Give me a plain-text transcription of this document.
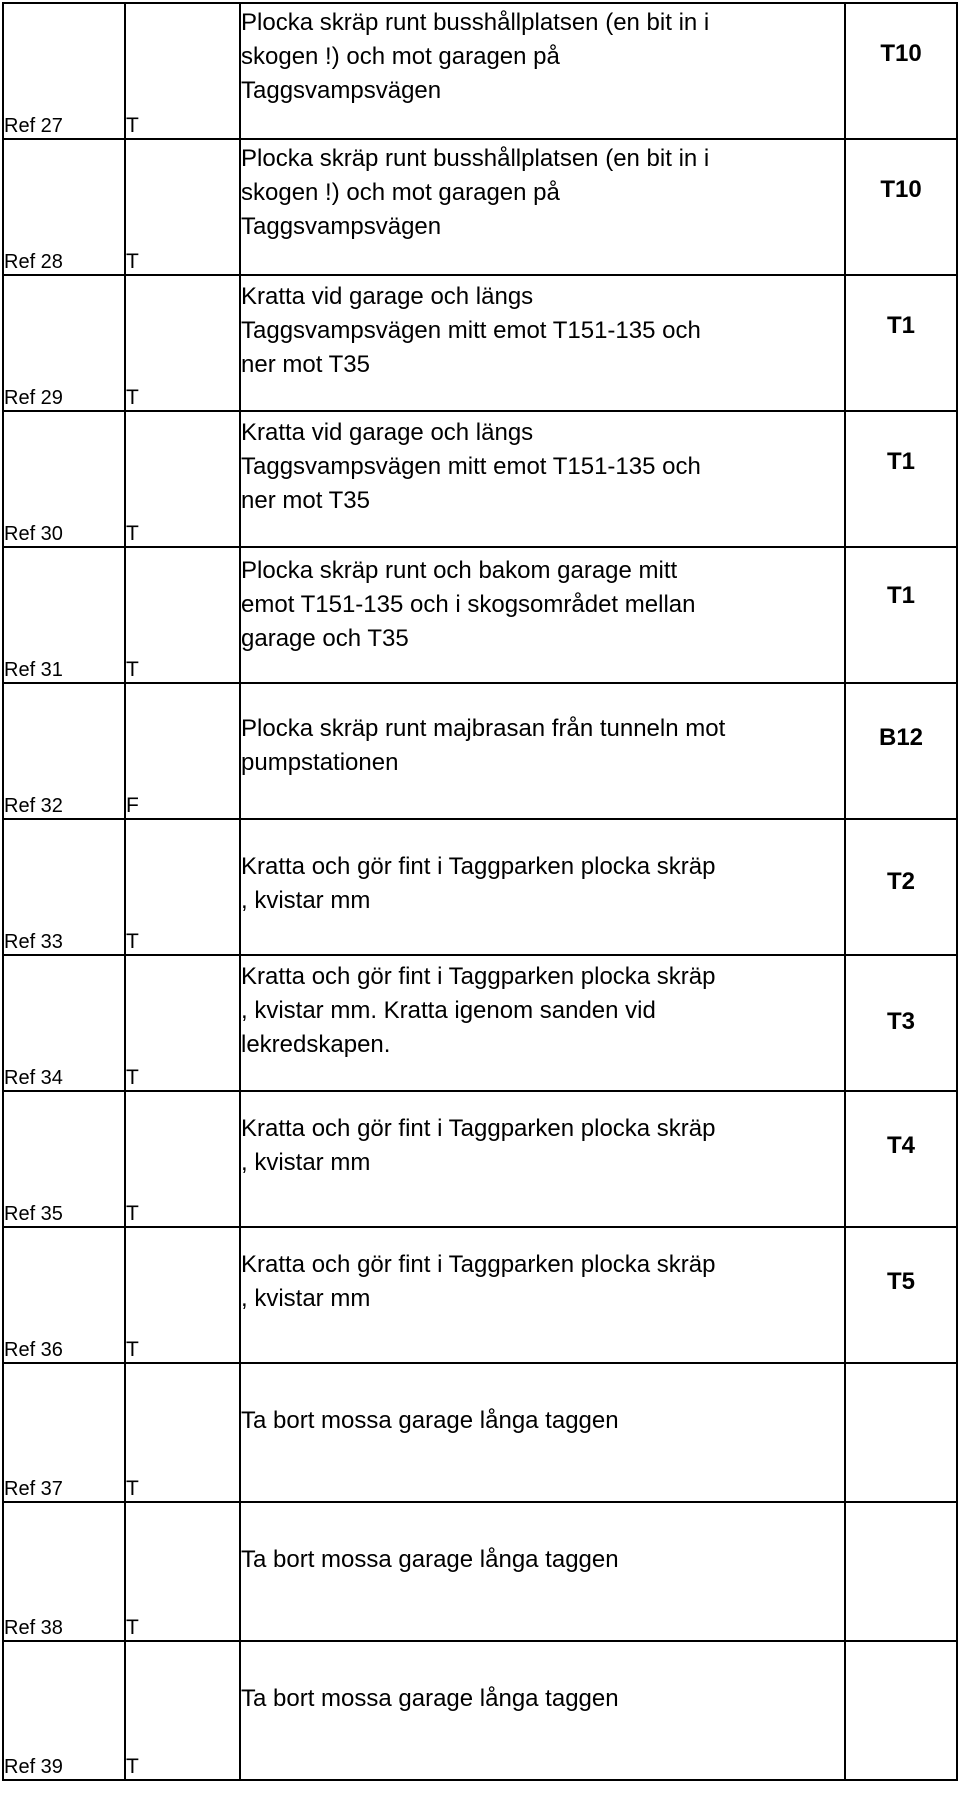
Ref 27	T	Plocka skräp runt busshållplatsen (en bit in i
skogen !) och mot garagen på
Taggsvampsvägen	T10

Ref 28	T	Plocka skräp runt busshållplatsen (en bit in i
skogen !) och mot garagen på
Taggsvampsvägen	T10

Ref 29	T	Kratta vid garage och längs
Taggsvampsvägen mitt emot T151-135 och
ner mot T35	T1

Ref 30	T	Kratta vid garage och längs
Taggsvampsvägen mitt emot T151-135 och
ner mot T35	T1

Ref 31	T	Plocka skräp runt och bakom garage mitt
emot T151-135 och i skogsområdet mellan
garage och T35	T1

Ref 32	F	Plocka skräp runt majbrasan från tunneln mot
pumpstationen	B12

Ref 33	T	Kratta och gör fint i Taggparken plocka skräp
, kvistar mm	T2

Ref 34	T	Kratta och gör fint i Taggparken plocka skräp
, kvistar mm. Kratta igenom sanden vid
lekredskapen.	T3

Ref 35	T	Kratta och gör fint i Taggparken plocka skräp
, kvistar mm	T4

Ref 36	T	Kratta och gör fint i Taggparken plocka skräp
, kvistar mm	T5

Ref 37	T	Ta bort mossa garage långa taggen	

Ref 38	T	Ta bort mossa garage långa taggen	

Ref 39	T	Ta bort mossa garage långa taggen	
